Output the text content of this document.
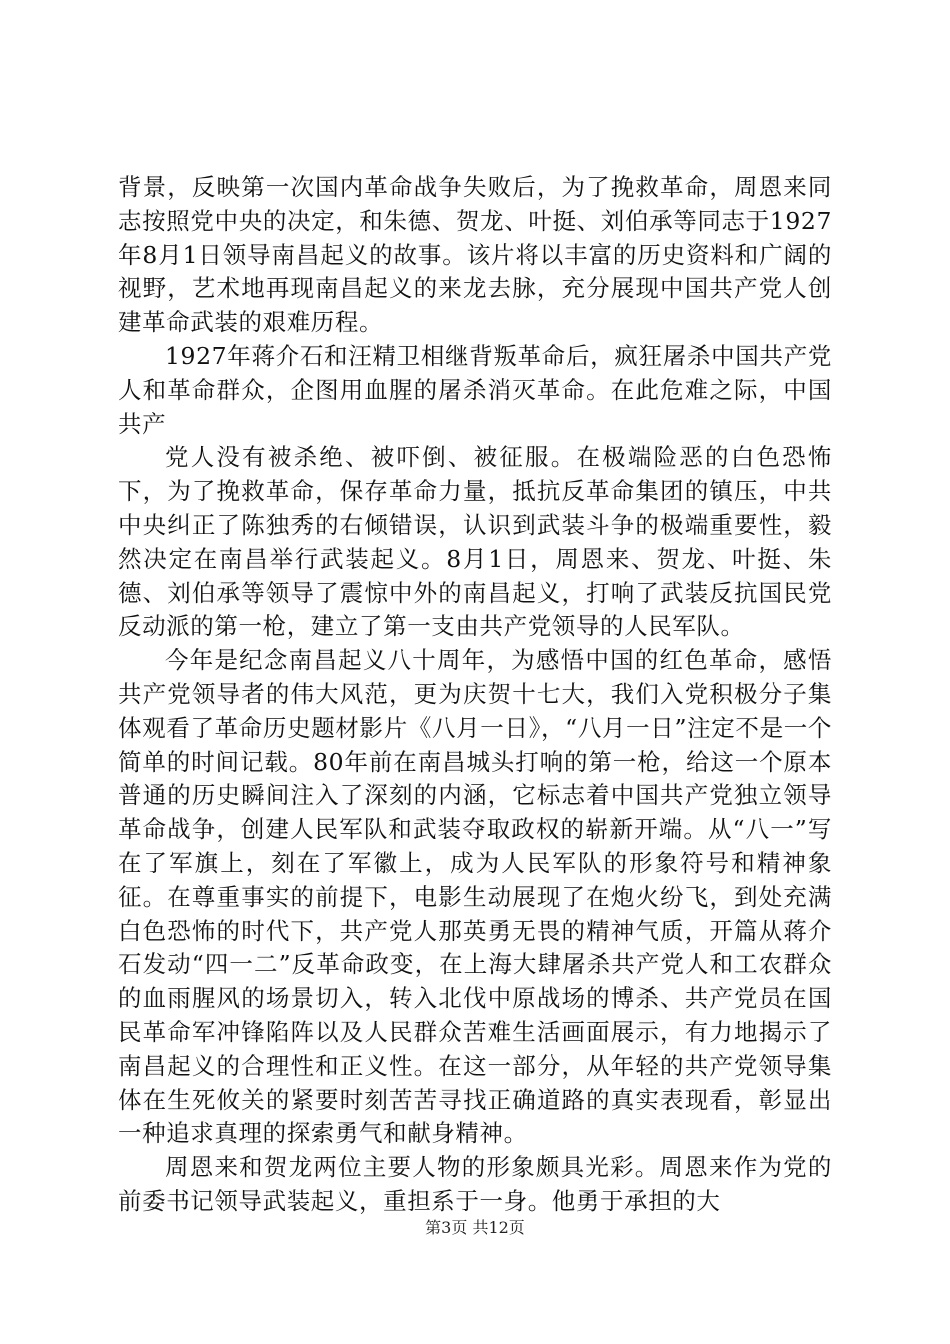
背景，反映第一次国内革命战争失败后，为了挽救革命，周恩来同志按照党中央的决定，和朱德、贺龙、叶挺、刘伯承等同志于1927年8月1日领导南昌起义的故事。该片将以丰富的历史资料和广阔的视野，艺术地再现南昌起义的来龙去脉，充分展现中国共产党人创建革命武装的艰难历程。

1927年蒋介石和汪精卫相继背叛革命后，疯狂屠杀中国共产党人和革命群众，企图用血腥的屠杀消灭革命。在此危难之际，中国共产

党人没有被杀绝、被吓倒、被征服。在极端险恶的白色恐怖下，为了挽救革命，保存革命力量，抵抗反革命集团的镇压，中共中央纠正了陈独秀的右倾错误，认识到武装斗争的极端重要性，毅然决定在南昌举行武装起义。8月1日，周恩来、贺龙、叶挺、朱德、刘伯承等领导了震惊中外的南昌起义，打响了武装反抗国民党反动派的第一枪，建立了第一支由共产党领导的人民军队。

今年是纪念南昌起义八十周年，为感悟中国的红色革命，感悟共产党领导者的伟大风范，更为庆贺十七大，我们入党积极分子集体观看了革命历史题材影片《八月一日》，“八月一日”注定不是一个简单的时间记载。80年前在南昌城头打响的第一枪，给这一个原本普通的历史瞬间注入了深刻的内涵，它标志着中国共产党独立领导革命战争，创建人民军队和武装夺取政权的崭新开端。从“八一”写在了军旗上，刻在了军徽上，成为人民军队的形象符号和精神象征。在尊重事实的前提下，电影生动展现了在炮火纷飞，到处充满白色恐怖的时代下，共产党人那英勇无畏的精神气质，开篇从蒋介石发动“四一二”反革命政变，在上海大肆屠杀共产党人和工农群众的血雨腥风的场景切入，转入北伐中原战场的博杀、共产党员在国民革命军冲锋陷阵以及人民群众苦难生活画面展示，有力地揭示了南昌起义的合理性和正义性。在这一部分，从年轻的共产党领导集体在生死攸关的紧要时刻苦苦寻找正确道路的真实表现看，彰显出一种追求真理的探索勇气和献身精神。

周恩来和贺龙两位主要人物的形象颇具光彩。周恩来作为党的前委书记领导武装起义，重担系于一身。他勇于承担的大

第3页 共12页
